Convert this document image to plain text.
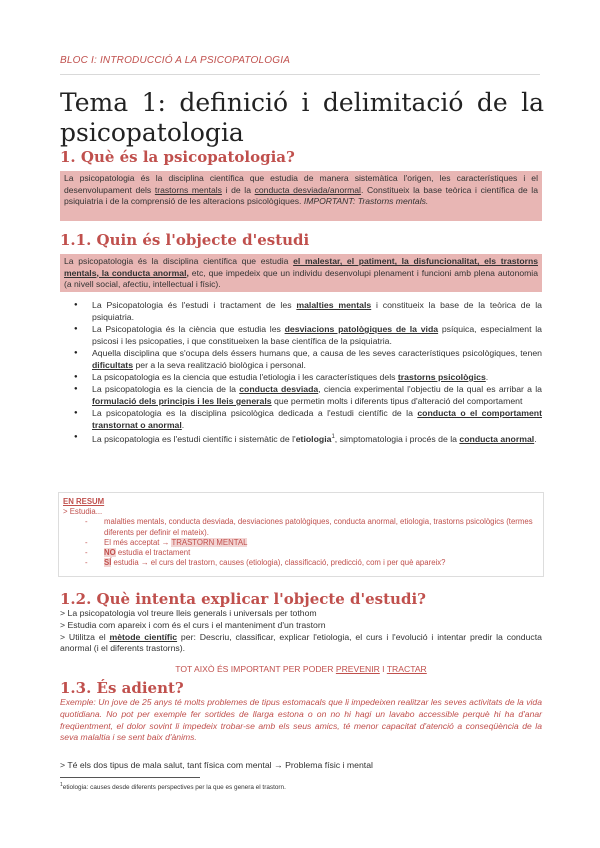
BLOC I: INTRODUCCIÓ A LA PSICOPATOLOGIA
Tema 1: definició i delimitació de la psicopatologia
1. Què és la psicopatologia?
La psicopatologia és la disciplina científica que estudia de manera sistemàtica l'origen, les característiques i el desenvolupament dels trastorns mentals i de la conducta desviada/anormal. Constitueix la base teòrica i científica de la psiquiatria i de la comprensió de les alteracions psicològiques. IMPORTANT: Trastorns mentals.
1.1. Quin és l'objecte d'estudi
La psicopatologia és la disciplina científica que estudia el malestar, el patiment, la disfuncionalitat, els trastorns mentals, la conducta anormal, etc, que impedeix que un individu desenvolupi plenament i funcioni amb plena autonomia (a nivell social, afectiu, intellectual i físic).
● La Psicopatologia és l'estudi i tractament de les malalties mentals i constitueix la base de la teòrica de la psiquiatria.
● La Psicopatologia és la ciència que estudia les desviacions patològiques de la vida psíquica, especialment la psicosi i les psicopaties, i que constitueixen la base científica de la psiquiatria.
● Aquella disciplina que s'ocupa dels éssers humans que, a causa de les seves característiques psicològiques, tenen dificultats per a la seva realització biològica i personal.
● La psicopatologia es la ciencia que estudia l'etiologia i les característiques dels trastorns psicològics.
● La psicopatologia es la ciencia de la conducta desviada, ciencia experimental l'objectiu de la qual es arribar a la formulació dels principis i les lleis generals que permetin molts i diferents tipus d'alteració del comportament
● La psicopatologia es la disciplina psicològica dedicada a l'estudi científic de la conducta o el comportament transtornat o anormal.
● La psicopatologia es l'estudi científic i sistemàtic de l'etiologia$^1$, simptomatologia i procés de la conducta anormal.
EN RESUM
> Estudia...
- malalties mentals, conducta desviada, desviaciones patològiques, conducta anormal, etiologia, trastorns psicològics (termes diferents per definir el mateix).
- El més acceptat → TRASTORN MENTAL
- NO estudia el tractament
- SÍ estudia → el curs del trastorn, causes (etiologia), classificació, predicció, com i per què apareix?
1.2. Què intenta explicar l'objecte d'estudi?
> La psicopatologia vol treure lleis generals i universals per tothom
> Estudia com apareix i com és el curs i el manteniment d'un trastorn
> Utilitza el mètode científic per: Descriu, classificar, explicar l'etiologia, el curs i l'evolució i intentar predir la conducta anormal (i el diferents trastorns).
TOT AIXÒ ÉS IMPORTANT PER PODER PREVENIR I TRACTAR
1.3. És adient?
Exemple: Un jove de 25 anys té molts problemes de tipus estomacals que li impedeixen realitzar les seves activitats de la vida quotidiana. No pot per exemple fer sortides de llarga estona o on no hi hagi un lavabo accessible perquè hi ha d'anar freqüentment, el dolor sovint li impedeix trobar-se amb els seus amics, té menor capacitat d'atenció a conseqüència de la seva malaltia i se sent baix d'ànims.
> Té els dos tipus de mala salut, tant física com mental → Problema físic i mental
$^1$etiologia: causes desde diferents perspectives per la que es genera el trastorn.
